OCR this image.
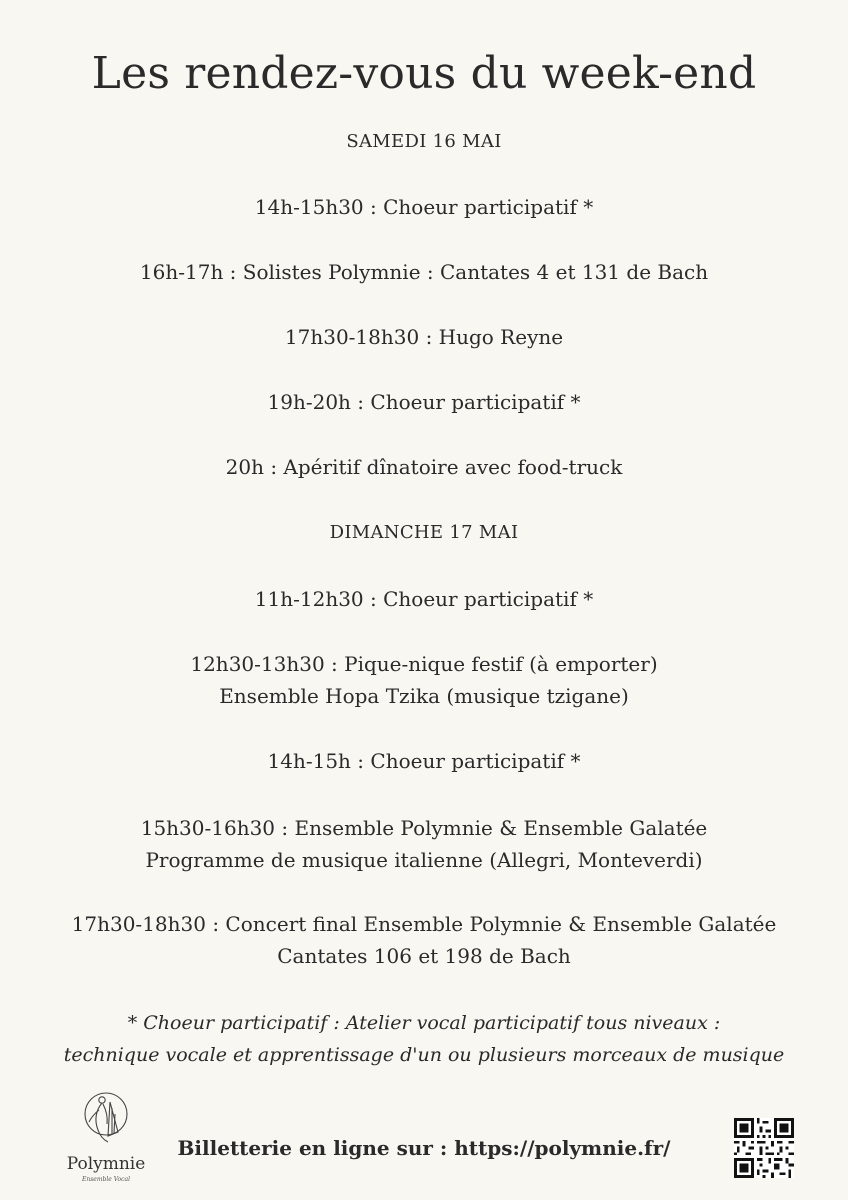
Les rendez-vous du week-end
SAMEDI 16 MAI
14h-15h30 : Choeur participatif *
16h-17h : Solistes Polymnie : Cantates 4 et 131 de Bach
17h30-18h30 : Hugo Reyne
19h-20h : Choeur participatif *
20h : Apéritif dînatoire avec food-truck
DIMANCHE 17 MAI
11h-12h30 : Choeur participatif *
12h30-13h30 : Pique-nique festif (à emporter)
Ensemble Hopa Tzika (musique tzigane)
14h-15h : Choeur participatif *
15h30-16h30 : Ensemble Polymnie & Ensemble Galatée
Programme de musique italienne (Allegri, Monteverdi)
17h30-18h30 : Concert final Ensemble Polymnie & Ensemble Galatée
Cantates 106 et 198 de Bach
* Choeur participatif : Atelier vocal participatif tous niveaux :
technique vocale et apprentissage d'un ou plusieurs morceaux de musique
Polymnie
Ensemble Vocal
Billetterie en ligne sur : https://polymnie.fr/
